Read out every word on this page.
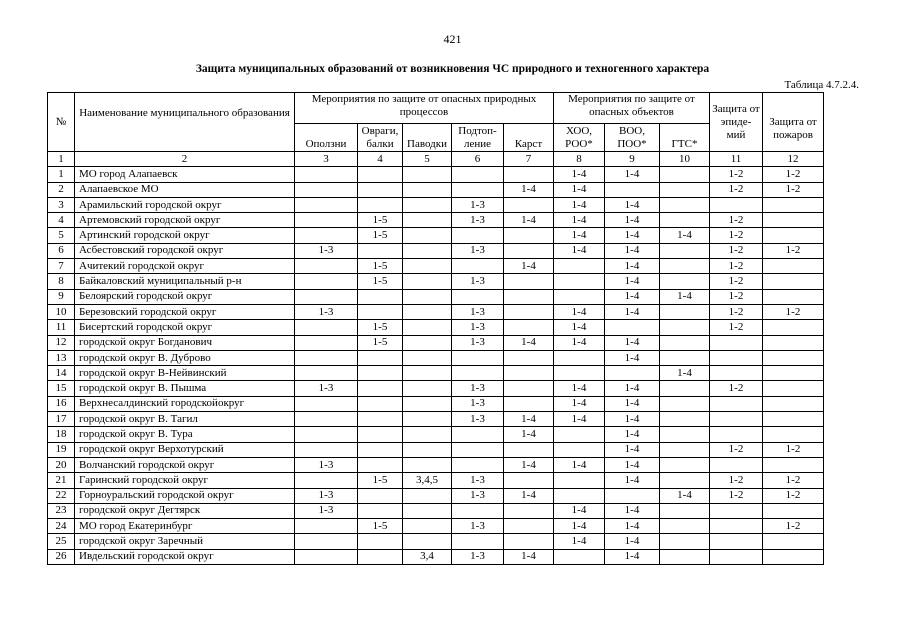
421
Защита муниципальных образований от возникновения ЧС природного и техногенного характера
Таблица 4.7.2.4.
№	Наименование муниципального образования	Мероприятия по защите от опасных природных процессов					Мероприятия по защите от опасных объектов			Защита от эпиде-мий	Защита от пожаров
		Оползни	Овраги, балки	Паводки	Подтоп-ление	Карст	ХОО, РОО*	ВОО, ПОО*	ГТС*		
1	2	3	4	5	6	7	8	9	10	11	12
1	МО город Алапаевск						1-4	1-4		1-2	1-2
2	Алапаевское МО					1-4	1-4			1-2	1-2
3	Арамильский городской округ				1-3		1-4	1-4			
4	Артемовский городской округ		1-5		1-3	1-4	1-4	1-4		1-2	
5	Артинский городской округ		1-5				1-4	1-4	1-4	1-2	
6	Асбестовский городской округ	1-3			1-3		1-4	1-4		1-2	1-2
7	Ачитекий городской округ		1-5			1-4		1-4		1-2	
8	Байкаловский муниципальный р-н		1-5		1-3			1-4		1-2	
9	Белоярский городской округ							1-4	1-4	1-2	
10	Березовский городской округ	1-3			1-3		1-4	1-4		1-2	1-2
11	Бисертский городской округ		1-5		1-3		1-4			1-2	
12	городской округ Богданович		1-5		1-3	1-4	1-4	1-4			
13	городской округ В. Дуброво							1-4			
14	городской округ В-Нейвинский								1-4		
15	городской округ В. Пышма	1-3			1-3		1-4	1-4		1-2	
16	Верхнесалдинский городскойокруг				1-3		1-4	1-4			
17	городской округ В. Тагил				1-3	1-4	1-4	1-4			
18	городской округ В. Тура					1-4		1-4			
19	городской округ Верхотурский							1-4		1-2	1-2
20	Волчанский городской округ	1-3				1-4	1-4	1-4			
21	Гаринский городской округ		1-5	3,4,5	1-3			1-4		1-2	1-2
22	Горноуральский городской округ	1-3			1-3	1-4			1-4	1-2	1-2
23	городской округ Дегтярск	1-3					1-4	1-4			
24	МО город Екатеринбург		1-5		1-3		1-4	1-4			1-2
25	городской округ Заречный						1-4	1-4			
26	Ивдельский городской округ			3,4	1-3	1-4		1-4			
